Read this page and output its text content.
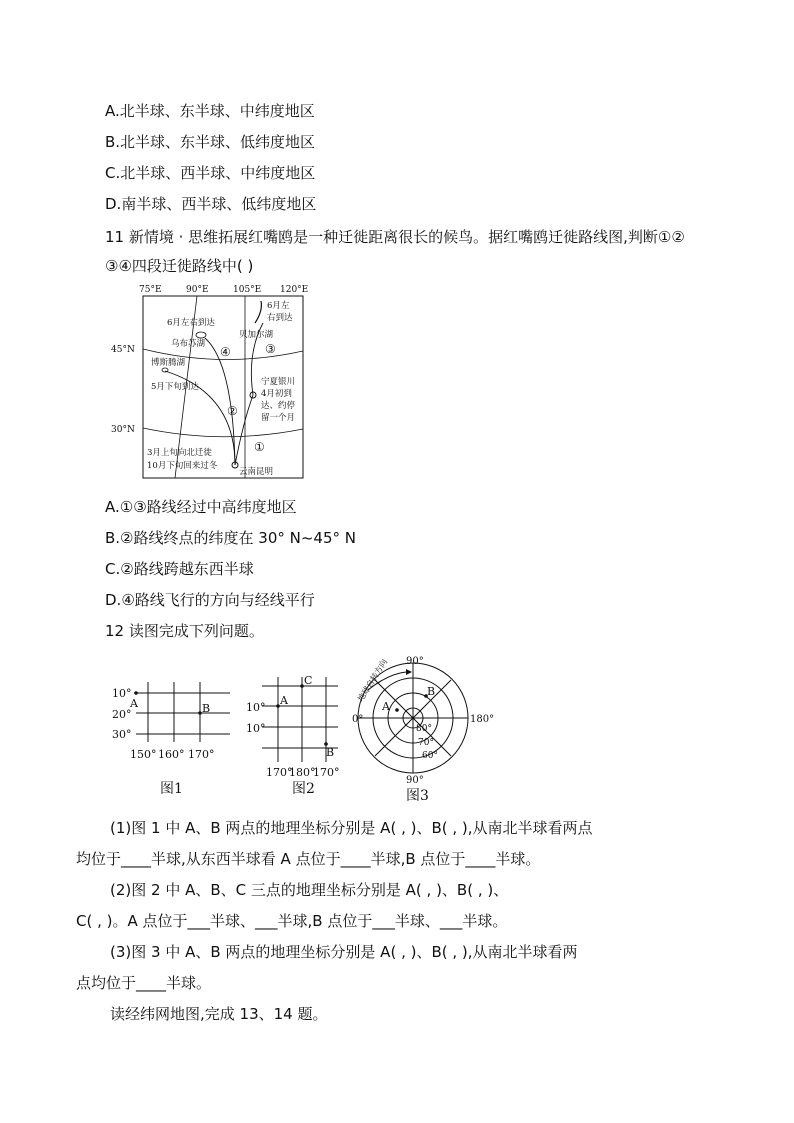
A.北半球、东半球、中纬度地区
B.北半球、东半球、低纬度地区
C.北半球、西半球、中纬度地区
D.南半球、西半球、低纬度地区
11 新情境 · 思维拓展红嘴鸥是一种迁徙距离很长的候鸟。据红嘴鸥迁徙路线图,判断①②
③④四段迁徙路线中( )
75°E	90°E	105°E 120°E
45°N
30°N
①
②
③
④
6月左右到达
乌布苏湖
博斯腾湖
5月下旬到达
6月左
右到达
贝加尔湖
宁夏银川
4月初到
达、约停
留一个月
3月上旬向北迁徙
10月下旬回来过冬
云南昆明
A.①③路线经过中高纬度地区
B.②路线终点的纬度在 30° N~45° N
C.②路线跨越东西半球
D.④路线飞行的方向与经线平行
12 读图完成下列问题。
10°
20°
30°
A	B
150° 160° 170°
图1
A
B
C
10°
10°
170°
180°
170°
图2
A
B
90°
0°	180°
90°
80°
70°
60°
地球自转方向
图3
(1)图 1 中 A、B 两点的地理坐标分别是 A( , )、B( , ),从南北半球看两点
均位于____半球,从东西半球看 A 点位于____半球,B 点位于____半球。
(2)图 2 中 A、B、C 三点的地理坐标分别是 A( , )、B( , )、
C( , )。A 点位于___半球、___半球,B 点位于___半球、___半球。
(3)图 3 中 A、B 两点的地理坐标分别是 A( , )、B( , ),从南北半球看两
点均位于____半球。
读经纬网地图,完成 13、14 题。
